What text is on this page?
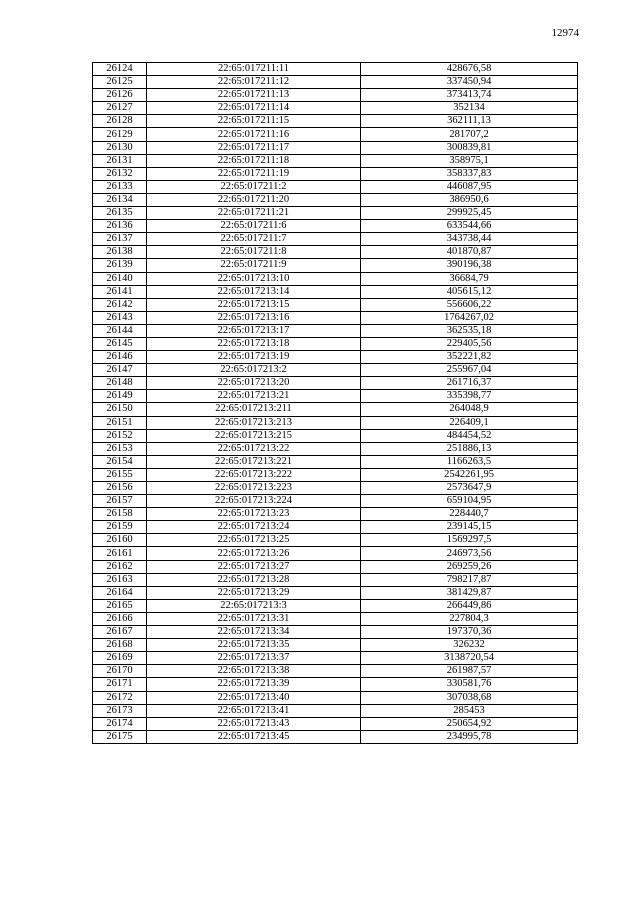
12974
26124	22:65:017211:11	428676,58
26125	22:65:017211:12	337450,94
26126	22:65:017211:13	373413,74
26127	22:65:017211:14	352134
26128	22:65:017211:15	362111,13
26129	22:65:017211:16	281707,2
26130	22:65:017211:17	300839,81
26131	22:65:017211:18	358975,1
26132	22:65:017211:19	358337,83
26133	22:65:017211:2	446087,95
26134	22:65:017211:20	386950,6
26135	22:65:017211:21	299925,45
26136	22:65:017211:6	633544,66
26137	22:65:017211:7	343738,44
26138	22:65:017211:8	401870,87
26139	22:65:017211:9	390196,38
26140	22:65:017213:10	36684,79
26141	22:65:017213:14	405615,12
26142	22:65:017213:15	556606,22
26143	22:65:017213:16	1764267,02
26144	22:65:017213:17	362535,18
26145	22:65:017213:18	229405,56
26146	22:65:017213:19	352221,82
26147	22:65:017213:2	255967,04
26148	22:65:017213:20	261716,37
26149	22:65:017213:21	335398,77
26150	22:65:017213:211	264048,9
26151	22:65:017213:213	226409,1
26152	22:65:017213:215	484454,52
26153	22:65:017213:22	251886,13
26154	22:65:017213:221	1166263,5
26155	22:65:017213:222	2542261,95
26156	22:65:017213:223	2573647,9
26157	22:65:017213:224	659104,95
26158	22:65:017213:23	228440,7
26159	22:65:017213:24	239145,15
26160	22:65:017213:25	1569297,5
26161	22:65:017213:26	246973,56
26162	22:65:017213:27	269259,26
26163	22:65:017213:28	798217,87
26164	22:65:017213:29	381429,87
26165	22:65:017213:3	266449,86
26166	22:65:017213:31	227804,3
26167	22:65:017213:34	197370,36
26168	22:65:017213:35	326232
26169	22:65:017213:37	3138720,54
26170	22:65:017213:38	261987,57
26171	22:65:017213:39	330581,76
26172	22:65:017213:40	307038,68
26173	22:65:017213:41	285453
26174	22:65:017213:43	250654,92
26175	22:65:017213:45	234995,78
